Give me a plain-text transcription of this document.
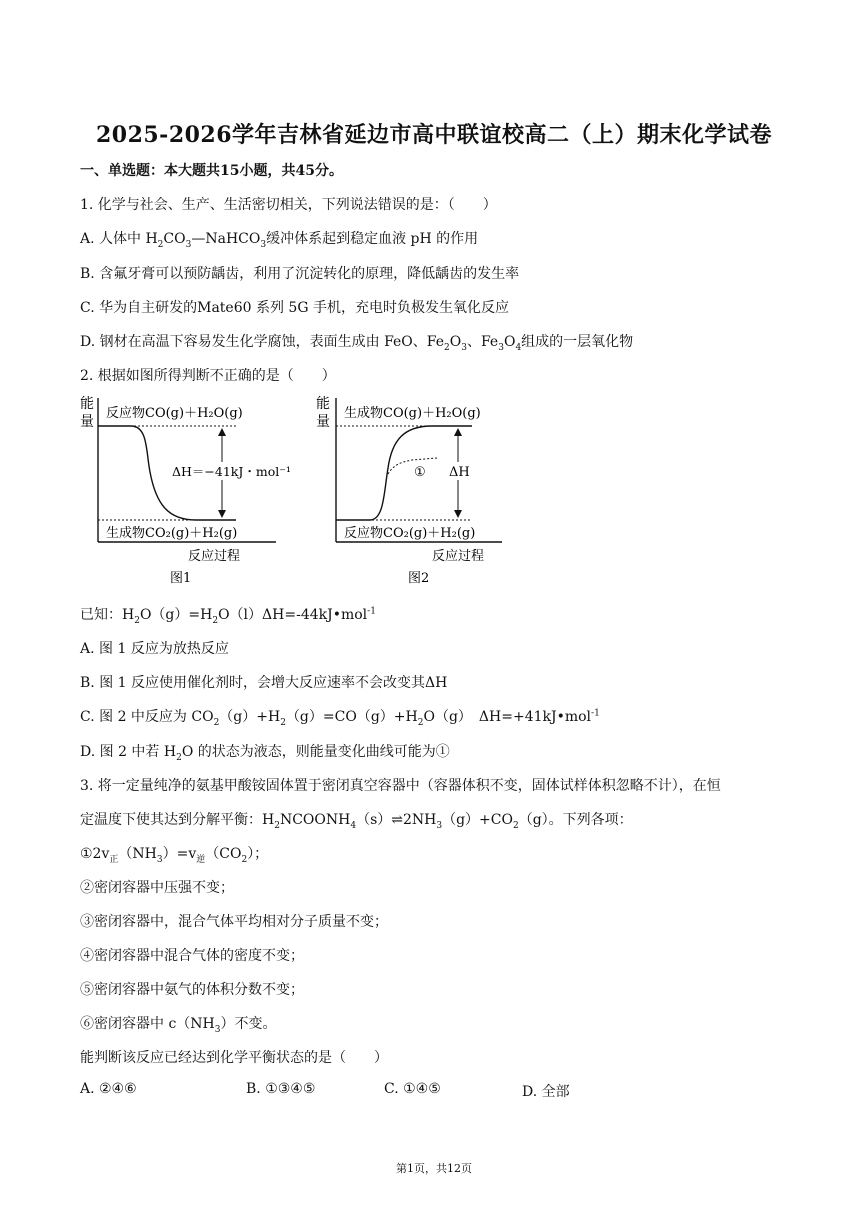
2025-2026学年吉林省延边市高中联谊校高二（上）期末化学试卷
一、单选题：本大题共15小题，共45分。
1. 化学与社会、生产、生活密切相关，下列说法错误的是：（　　）
A. 人体中 $H_2CO_3—NaHCO_3$缓冲体系起到稳定血液 pH 的作用
B. 含氟牙膏可以预防龋齿，利用了沉淀转化的原理，降低龋齿的发生率
C. 华为自主研发的Mate60 系列 5G 手机，充电时负极发生氧化反应
D. 钢材在高温下容易发生化学腐蚀，表面生成由 FeO、$Fe_2O_3$、$Fe_3O_4$组成的一层氧化物
2. 根据如图所得判断不正确的是（　　）
能
量
ΔH＝−41kJ・mol⁻¹
反应物CO(g)＋H₂O(g)
生成物CO₂(g)＋H₂(g)
反应过程
图1
能
量
ΔH
①
生成物CO(g)＋H₂O(g)
反应物CO₂(g)＋H₂(g)
反应过程
图2
已知：$H_2O(g)=H_2O(l)\Delta H=-44kJ•mol^{-1}$
A. 图 1 反应为放热反应
B. 图 1 反应使用催化剂时，会增大反应速率不会改变其ΔH
C. 图 2 中反应为 $CO_2(g)+H_2(g)=CO(g)+H_2O(g)$　ΔH=+41kJ•mol$^{-1}$
D. 图 2 中若 $H_2O$ 的状态为液态，则能量变化曲线可能为①
3. 将一定量纯净的氨基甲酸铵固体置于密闭真空容器中（容器体积不变，固体试样体积忽略不计），在恒
定温度下使其达到分解平衡：$H_2NCOONH_4(s)\rightleftharpoons 2NH_3(g)+CO_2(g)$。下列各项：
$①2v_正(NH_3)=v_逆(CO_2)$；
②密闭容器中压强不变；
③密闭容器中，混合气体平均相对分子质量不变；
④密闭容器中混合气体的密度不变；
⑤密闭容器中氨气的体积分数不变；
⑥密闭容器中 $c(NH_3)$不变。
能判断该反应已经达到化学平衡状态的是（　　）
A. ②④⑥	B. ①③④⑤	C. ①④⑤	D. 全部
第1页，共12页
